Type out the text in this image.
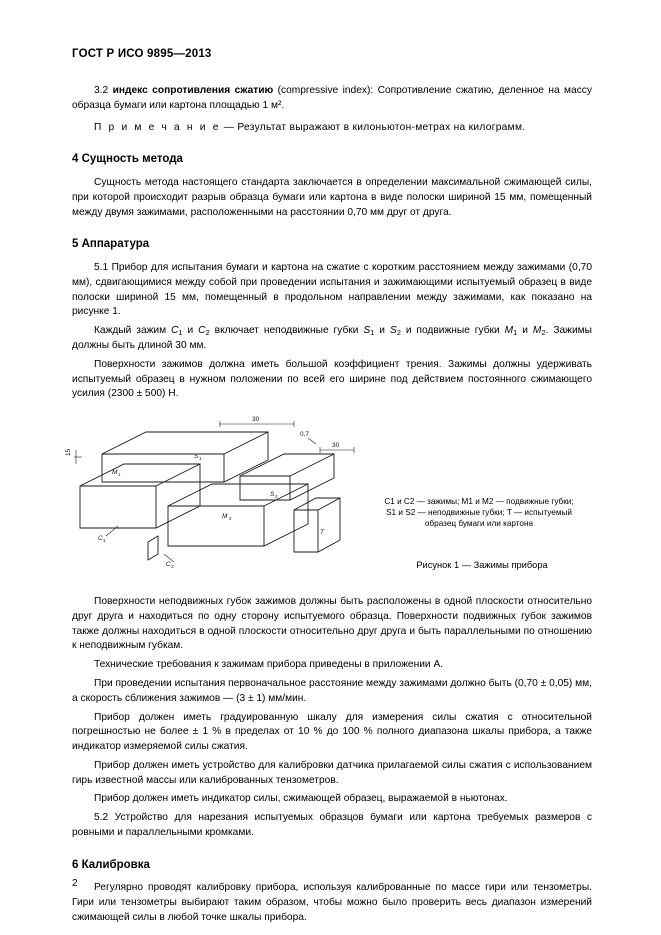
ГОСТ Р ИСО 9895—2013

3.2 индекс сопротивления сжатию (compressive index): Сопротивление сжатию, деленное на массу образца бумаги или картона площадью 1 м².

П р и м е ч а н и е — Результат выражают в килоньютон-метрах на килограмм.

4 Сущность метода

Сущность метода настоящего стандарта заключается в определении максимальной сжимающей силы, при которой происходит разрыв образца бумаги или картона в виде полоски шириной 15 мм, помещенный между двумя зажимами, расположенными на расстоянии 0,70 мм друг от друга.

5 Аппаратура

5.1 Прибор для испытания бумаги и картона на сжатие с коротким расстоянием между зажимами (0,70 мм), сдвигающимися между собой при проведении испытания и зажимающими испытуемый образец в виде полоски шириной 15 мм, помещенный в продольном направлении между зажимами, как показано на рисунке 1.

Каждый зажим $C_1$ и $C_2$ включает неподвижные губки $S_1$ и $S_2$ и подвижные губки $M_1$ и $M_2$. Зажимы должны быть длиной 30 мм.

Поверхности зажимов должна иметь большой коэффициент трения. Зажимы должны удерживать испытуемый образец в нужном положении по всей его ширине под действием постоянного сжимающего усилия (2300 ± 500) Н.

15
30
30
0,7
M 1
S 1
M 2
S 2
C 1
C 2
T
C1 и C2 — зажимы; M1 и M2 — подвижные губки;
S1 и S2 — неподвижные губки; T — испытуемый
образец бумаги или картона
Рисунок 1 — Зажимы прибора

Поверхности неподвижных губок зажимов должны быть расположены в одной плоскости относительно друг друга и находиться по одну сторону испытуемого образца. Поверхности подвижных губок зажимов также должны находиться в одной плоскости относительно друг друга и быть параллельными по отношению к неподвижным губкам.

Технические требования к зажимам прибора приведены в приложении А.

При проведении испытания первоначальное расстояние между зажимами должно быть (0,70 ± 0,05) мм, а скорость сближения зажимов — (3 ± 1) мм/мин.

Прибор должен иметь градуированную шкалу для измерения силы сжатия с относительной погрешностью не более ± 1 % в пределах от 10 % до 100 % полного диапазона шкалы прибора, а также индикатор измеряемой силы сжатия.

Прибор должен иметь устройство для калибровки датчика прилагаемой силы сжатия с использованием гирь известной массы или калиброванных тензометров.

Прибор должен иметь индикатор силы, сжимающей образец, выражаемой в ньютонах.

5.2 Устройство для нарезания испытуемых образцов бумаги или картона требуемых размеров с ровными и параллельными кромками.

6 Калибровка

Регулярно проводят калибровку прибора, используя калиброванные по массе гири или тензометры. Гири или тензометры выбирают таким образом, чтобы можно было проверить весь диапазон измерений сжимающей силы в любой точке шкалы прибора.

2
